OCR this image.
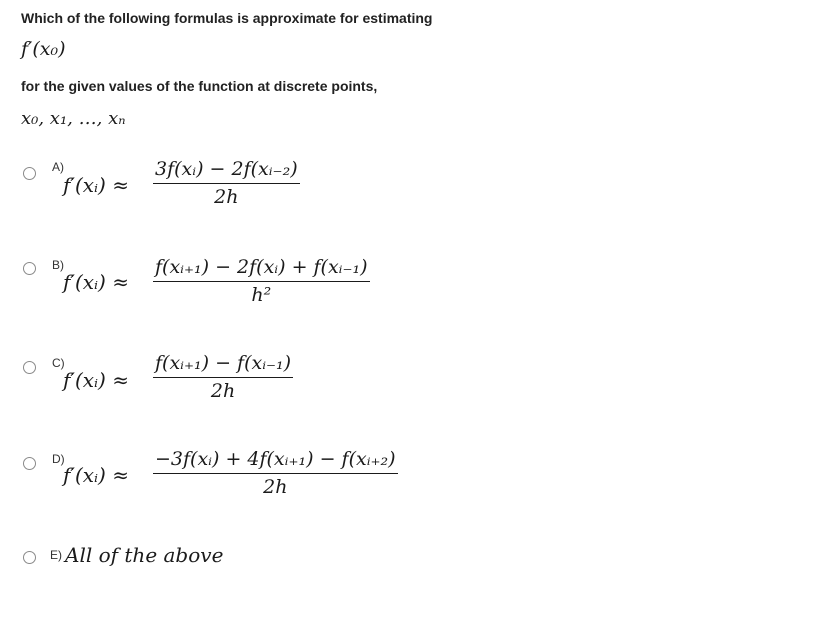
Which of the following formulas is approximate for estimating
f′(x₀)
for the given values of the function at discrete points,
x₀, x₁, …, xₙ
A)
f′(xᵢ) ≈ $\frac{\text{3f(xᵢ) − 2f(xᵢ₋₂)}}{2h}$
B)
f′(xᵢ) ≈ $\frac{\text{f(xᵢ₊₁) − 2f(xᵢ) + f(xᵢ₋₁)}}{\text{h²}}$
C)
f′(xᵢ) ≈ $\frac{\text{f(xᵢ₊₁) − f(xᵢ₋₁)}}{2h}$
D)
f′(xᵢ) ≈ $\frac{\text{−3f(xᵢ) + 4f(xᵢ₊₁) − f(xᵢ₊₂)}}{2h}$
E) All of the above
